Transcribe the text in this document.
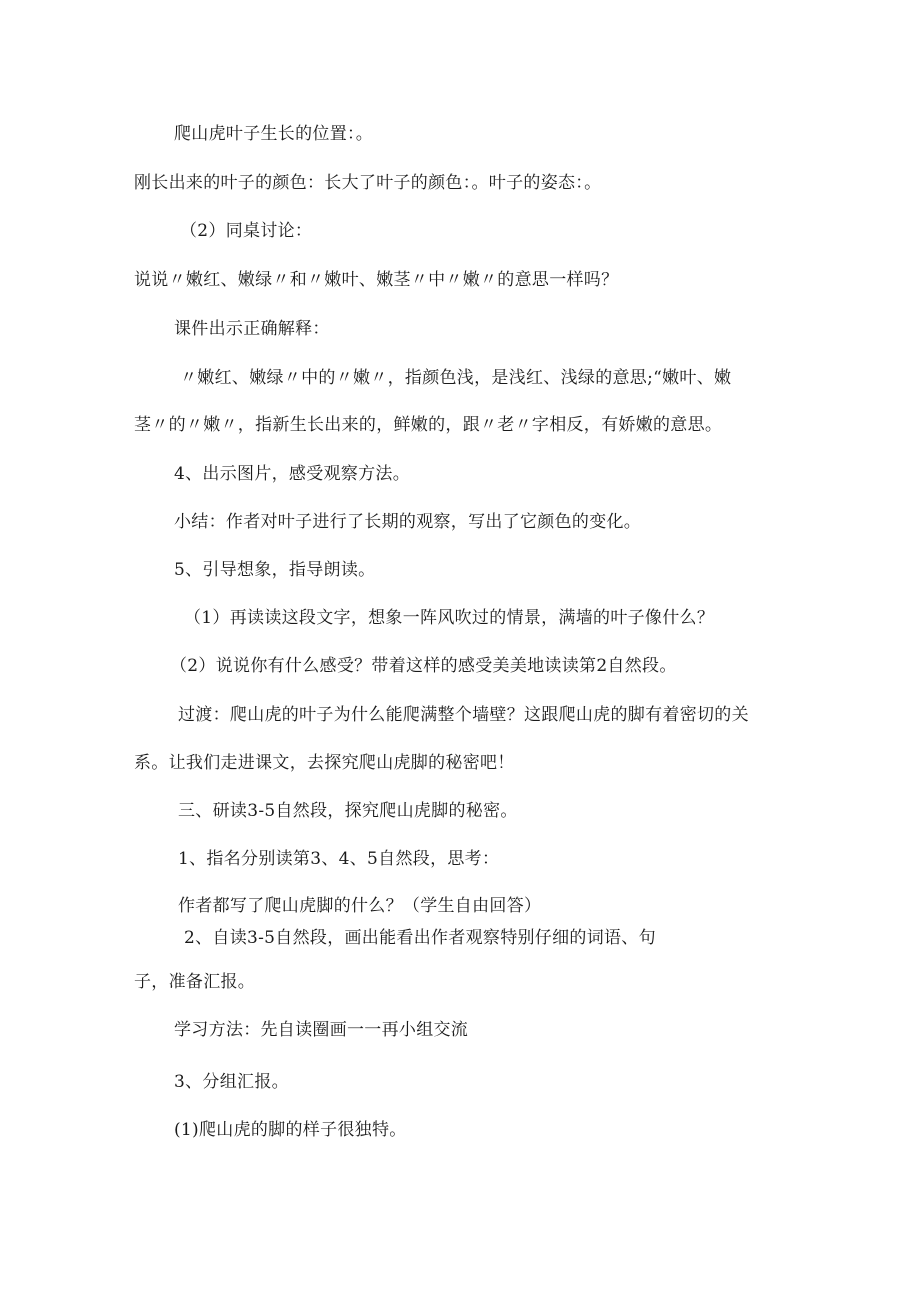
爬山虎叶子生长的位置：。
刚长出来的叶子的颜色：长大了叶子的颜色：。叶子的姿态：。
（2）同桌讨论：
说说〃嫩红、嫩绿〃和〃嫩叶、嫩茎〃中〃嫩〃的意思一样吗？
课件出示正确解释：
〃嫩红、嫩绿〃中的〃嫩〃，指颜色浅，是浅红、浅绿的意思;“嫩叶、嫩
茎〃的〃嫩〃，指新生长出来的，鲜嫩的，跟〃老〃字相反，有娇嫩的意思。
4、出示图片，感受观察方法。
小结：作者对叶子进行了长期的观察，写出了它颜色的变化。
5、引导想象，指导朗读。
（1）再读读这段文字，想象一阵风吹过的情景，满墙的叶子像什么？
（2）说说你有什么感受？带着这样的感受美美地读读第2自然段。
过渡：爬山虎的叶子为什么能爬满整个墙壁？这跟爬山虎的脚有着密切的关
系。让我们走进课文，去探究爬山虎脚的秘密吧！
三、研读3-5自然段，探究爬山虎脚的秘密。
1、指名分别读第3、4、5自然段，思考：
作者都写了爬山虎脚的什么？（学生自由回答）
2、自读3-5自然段，画出能看出作者观察特别仔细的词语、句
子，准备汇报。
学习方法：先自读圈画一一再小组交流
3、分组汇报。
(1)爬山虎的脚的样子很独特。
